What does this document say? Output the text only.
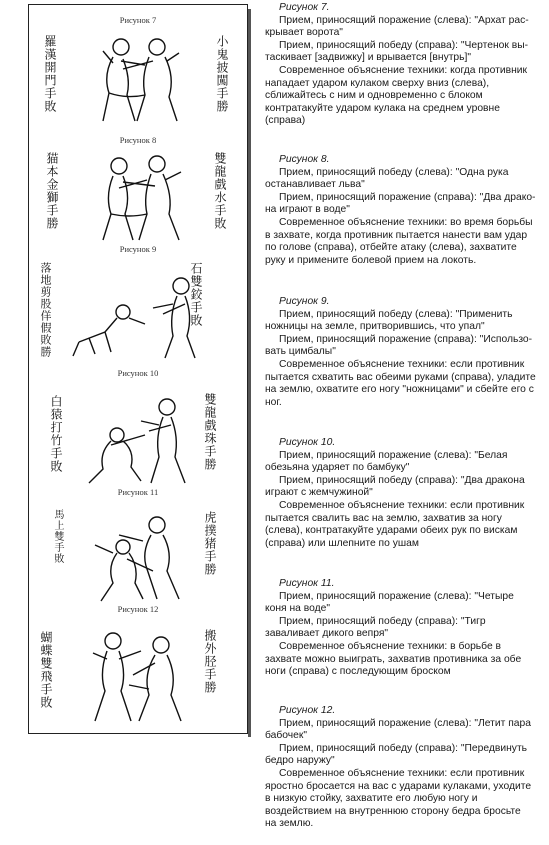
Рисунок 7
羅漢開門手敗	小鬼披闖手勝
Рисунок 8
猫本金獅手勝	雙龍戲水手敗
Рисунок 9
落地剪股佯假敗勝	石雙鉸手敗
Рисунок 10
白猿打竹手敗	雙龍戲珠手勝
Рисунок 11
馬上雙手敗	虎撲猪手勝
Рисунок 12
蝴蝶雙飛手敗	搬外胫手勝
Рисунок 7.

Прием, приносящий поражение (слева): "Архат рас-

крывает ворота"

Прием, приносящий победу (справа): "Чертенок вы-

таскивает [задвижку] и врывается [внутрь]"

Современное объяснение техники: когда противник

нападает ударом кулаком сверху вниз (слева),

сближайтесь с ним и одновременно с блоком

контратакуйте ударом кулака на среднем уровне

(справа)

Рисунок 8.

Прием, приносящий победу (слева): "Одна рука

останавливает льва"

Прием, приносящий поражение (справа): "Два драко-

на играют в воде"

Современное объяснение техники: во время борьбы

в захвате, когда противник пытается нанести вам удар

по голове (справа), отбейте атаку (слева), захватите

руку и примените болевой прием на локоть.

Рисунок 9.

Прием, приносящий победу (слева): "Применить

ножницы на земле, притворившись, что упал"

Прием, приносящий поражение (справа): "Использо-

вать цимбалы"

Современное объяснение техники: если противник

пытается схватить вас обеими руками (справа), уладите

на землю, охватите его ногу "ножницами" и сбейте его с

ног.

Рисунок 10.

Прием, приносящий поражение (слева): "Белая

обезьяна ударяет по бамбуку"

Прием, приносящий победу (справа): "Два дракона

играют с жемчужиной"

Современное объяснение техники: если противник

пытается свалить вас на землю, захватив за ногу

(слева), контратакуйте ударами обеих рук по вискам

(справа) или шлепните по ушам

Рисунок 11.

Прием, приносящий поражение (слева): "Четыре

коня на воде"

Прием, приносящий победу (справа): "Тигр

заваливает дикого вепря"

Современное объяснение техники: в борьбе в

захвате можно выиграть, захватив противника за обе

ноги (справа) с последующим броском

Рисунок 12.

Прием, приносящий поражение (слева): "Летит пара

бабочек"

Прием, приносящий победу (справа): "Передвинуть

бедро наружу"

Современное объяснение техники: если противник

яростно бросается на вас с ударами кулаками, уходите

в низкую стойку, захватите его любую ногу и

воздействием на внутреннюю сторону бедра бросьте

на землю.
